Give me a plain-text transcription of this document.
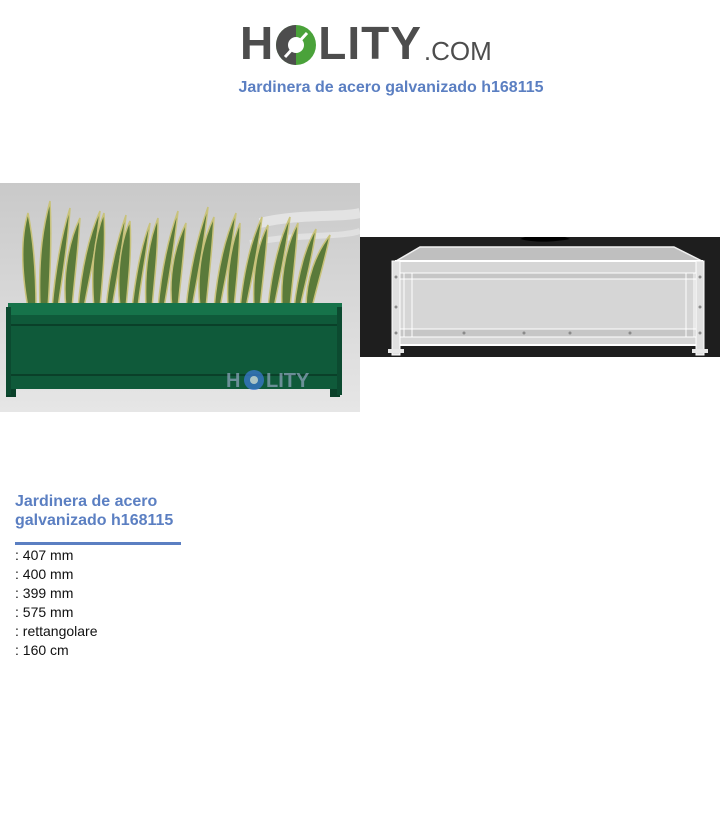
H LITY .COM
Jardinera de acero galvanizado h168115
H LITY
Jardinera de acero galvanizado h168115
: 407 mm
: 400 mm
: 399 mm
: 575 mm
: rettangolare
: 160 cm
